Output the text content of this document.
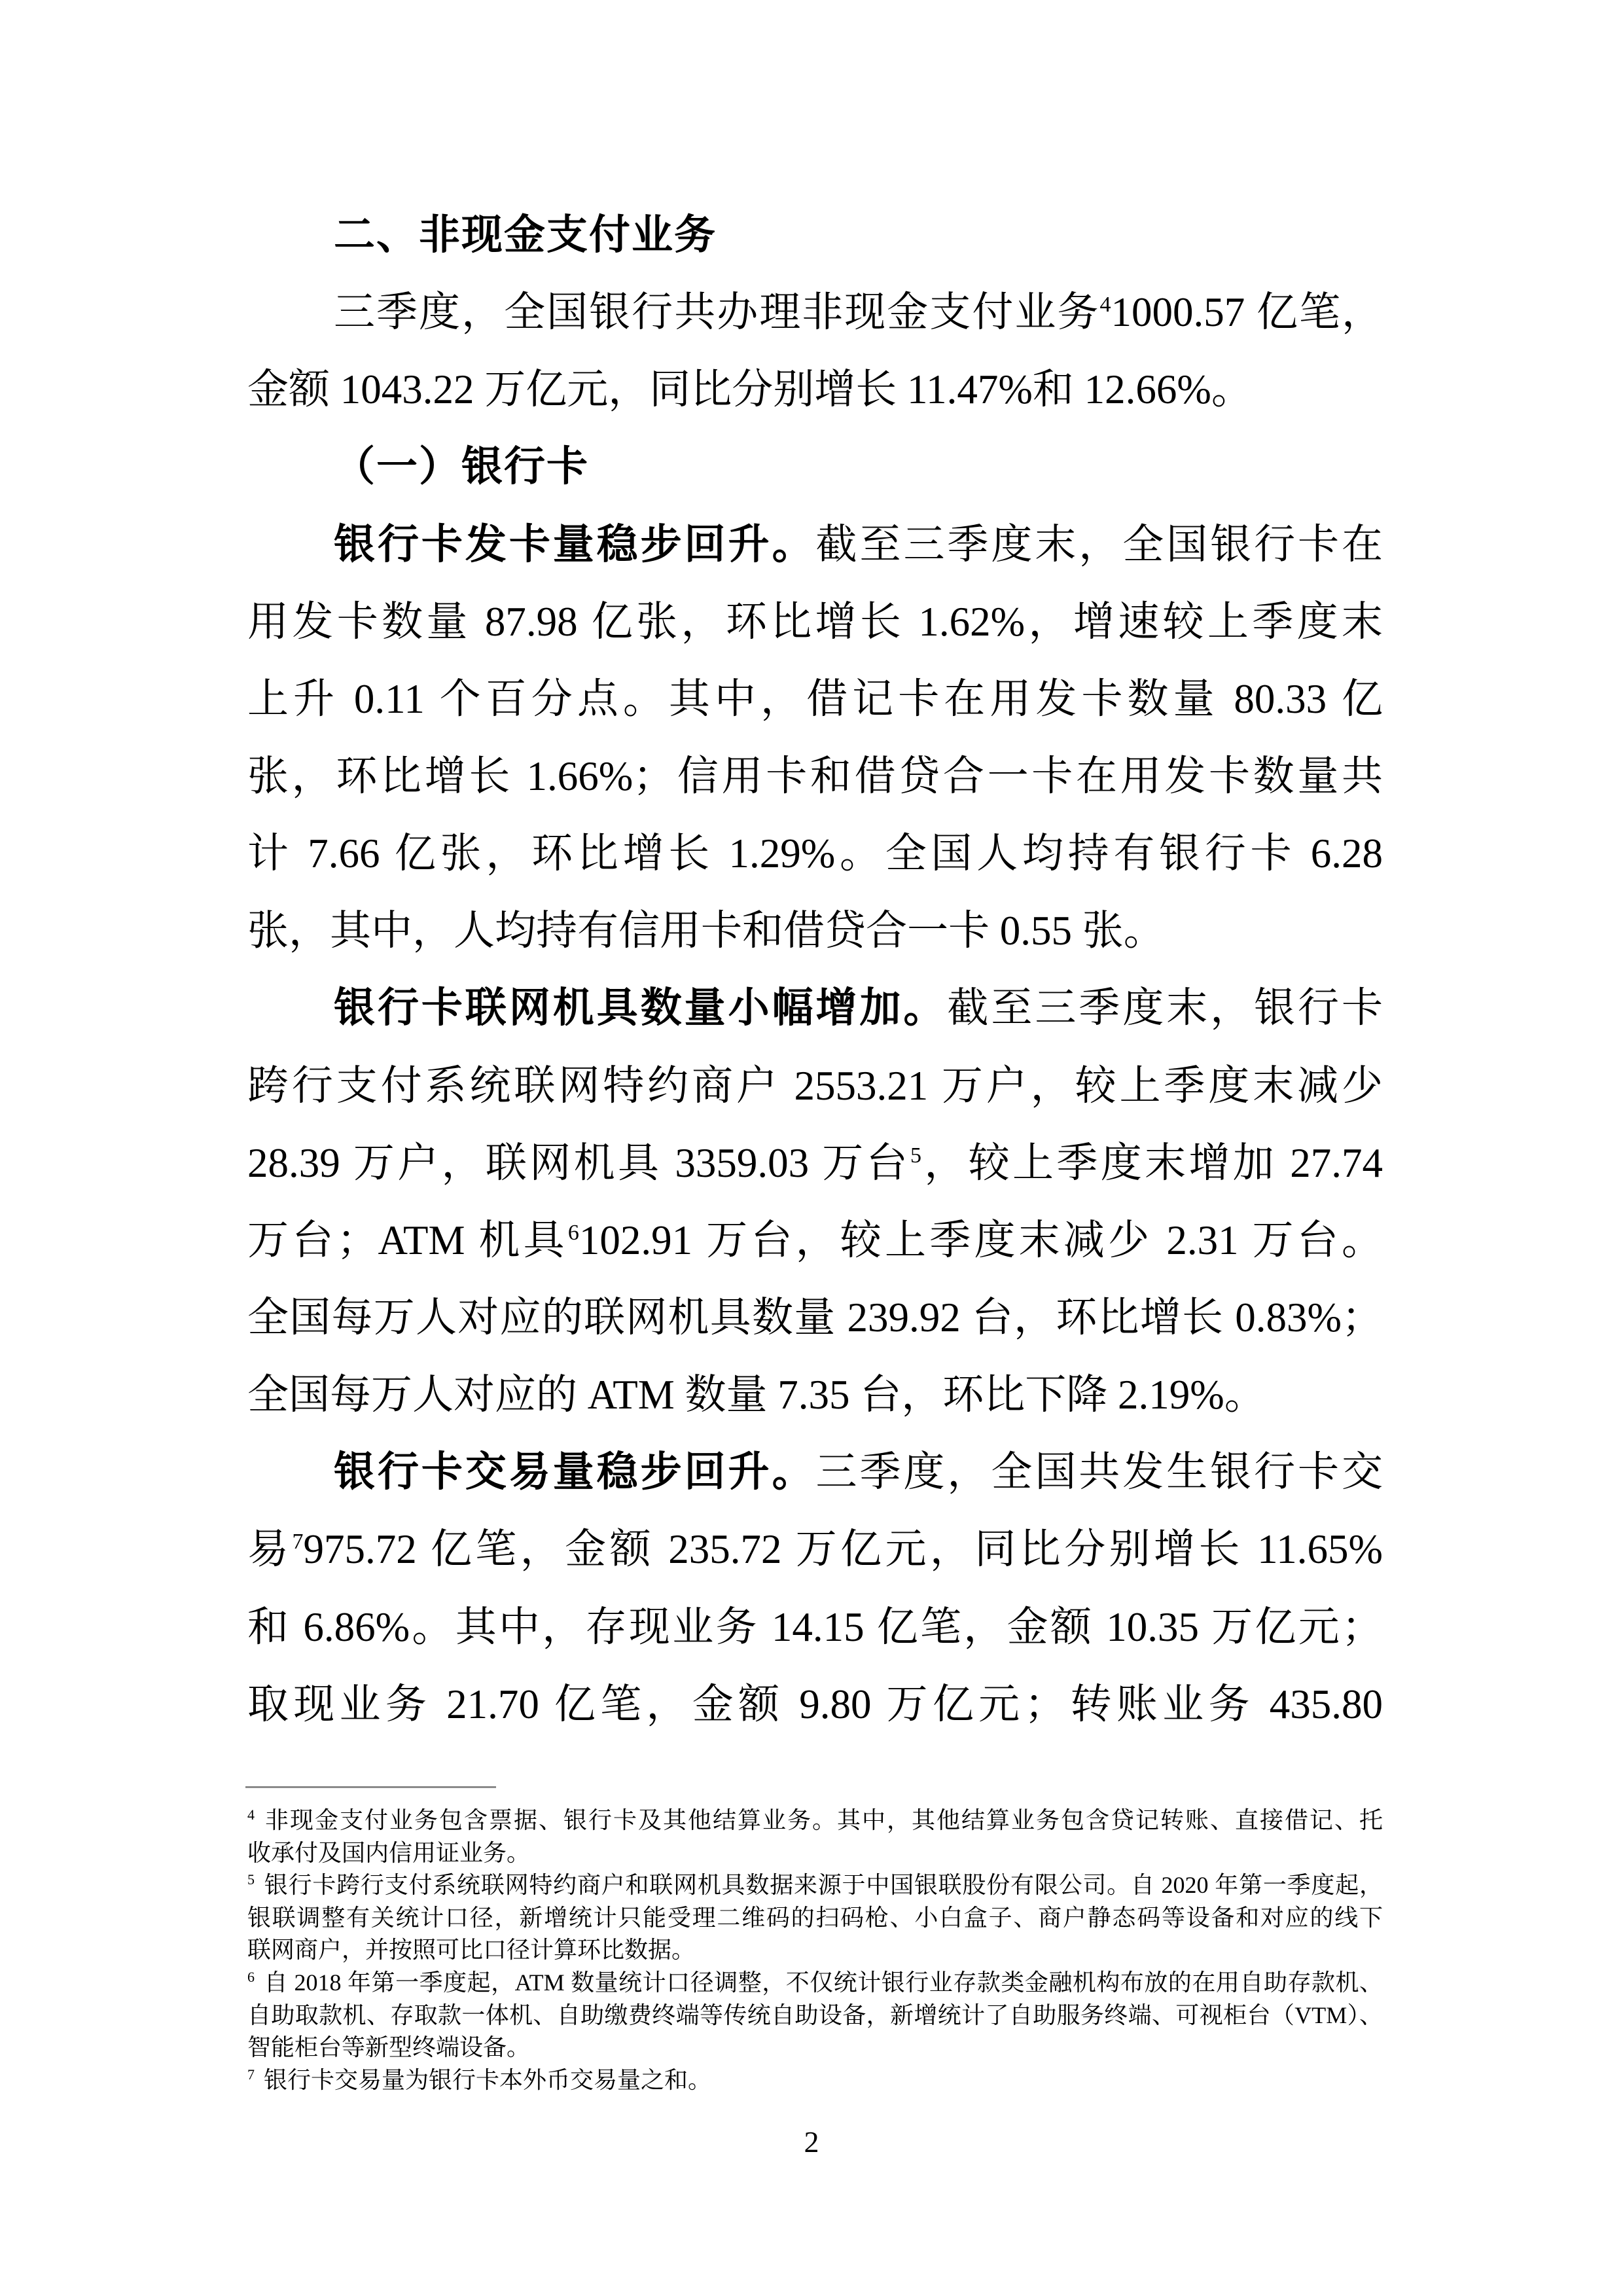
二、非现金支付业务
三季度，全国银行共办理非现金支付业务$^4$1000.57 亿笔，
金额 1043.22 万亿元，同比分别增长 11.47%和 12.66%。
（一）银行卡
银行卡发卡量稳步回升。截至三季度末，全国银行卡在
用发卡数量 87.98 亿张，环比增长 1.62%，增速较上季度末
上升 0.11 个百分点。其中，借记卡在用发卡数量 80.33 亿
张，环比增长 1.66%；信用卡和借贷合一卡在用发卡数量共
计 7.66 亿张，环比增长 1.29%。全国人均持有银行卡 6.28
张，其中，人均持有信用卡和借贷合一卡 0.55 张。
银行卡联网机具数量小幅增加。截至三季度末，银行卡
跨行支付系统联网特约商户 2553.21 万户，较上季度末减少
28.39 万户，联网机具 3359.03 万台$^5$，较上季度末增加 27.74
万台；ATM 机具$^6$102.91 万台，较上季度末减少 2.31 万台。
全国每万人对应的联网机具数量 239.92 台，环比增长 0.83%；
全国每万人对应的 ATM 数量 7.35 台，环比下降 2.19%。
银行卡交易量稳步回升。三季度，全国共发生银行卡交
易$^7$975.72 亿笔，金额 235.72 万亿元，同比分别增长 11.65%
和 6.86%。其中，存现业务 14.15 亿笔，金额 10.35 万亿元；
取现业务 21.70 亿笔，金额 9.80 万亿元；转账业务 435.80
$^4$ 非现金支付业务包含票据、银行卡及其他结算业务。其中，其他结算业务包含贷记转账、直接借记、托
收承付及国内信用证业务。
$^5$ 银行卡跨行支付系统联网特约商户和联网机具数据来源于中国银联股份有限公司。自 2020 年第一季度起，
银联调整有关统计口径，新增统计只能受理二维码的扫码枪、小白盒子、商户静态码等设备和对应的线下
联网商户，并按照可比口径计算环比数据。
$^6$ 自 2018 年第一季度起，ATM 数量统计口径调整，不仅统计银行业存款类金融机构布放的在用自助存款机、
自助取款机、存取款一体机、自助缴费终端等传统自助设备，新增统计了自助服务终端、可视柜台（VTM）、
智能柜台等新型终端设备。
$^7$ 银行卡交易量为银行卡本外币交易量之和。
2
